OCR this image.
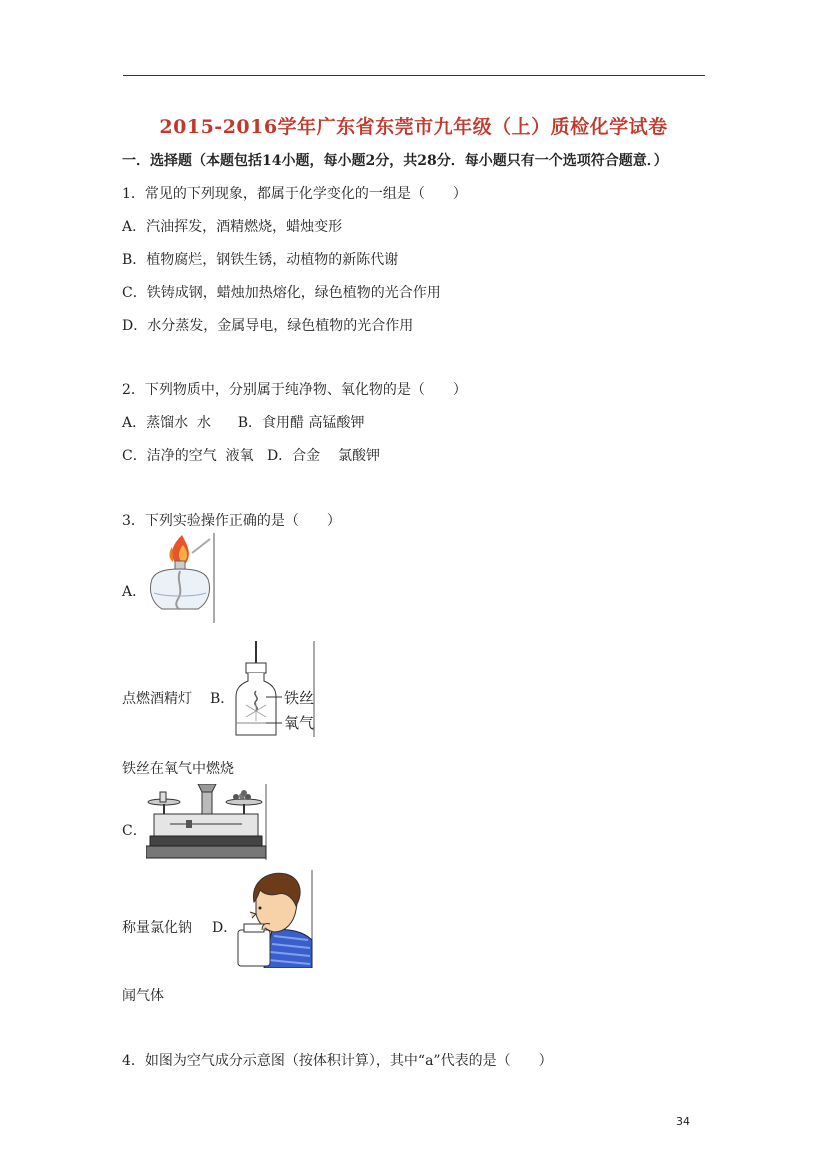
2015-2016学年广东省东莞市九年级（上）质检化学试卷
一．选择题（本题包括14小题，每小题2分，共28分．每小题只有一个选项符合题意．）
1．常见的下列现象，都属于化学变化的一组是（　　）
A．汽油挥发，酒精燃烧，蜡烛变形
B．植物腐烂，钢铁生锈，动植物的新陈代谢
C．铁铸成钢，蜡烛加热熔化，绿色植物的光合作用
D．水分蒸发，金属导电，绿色植物的光合作用
2．下列物质中，分别属于纯净物、氧化物的是（　　）
A．蒸馏水  水      B．食用醋 高锰酸钾
C．洁净的空气  液氧   D．合金    氯酸钾
3．下列实验操作正确的是（　　）
A．
点燃酒精灯 B．	铁丝
氧气
铁丝在氧气中燃烧
C．
称量氯化钠 D．
闻气体
4．如图为空气成分示意图（按体积计算），其中“a”代表的是（　　）
34
